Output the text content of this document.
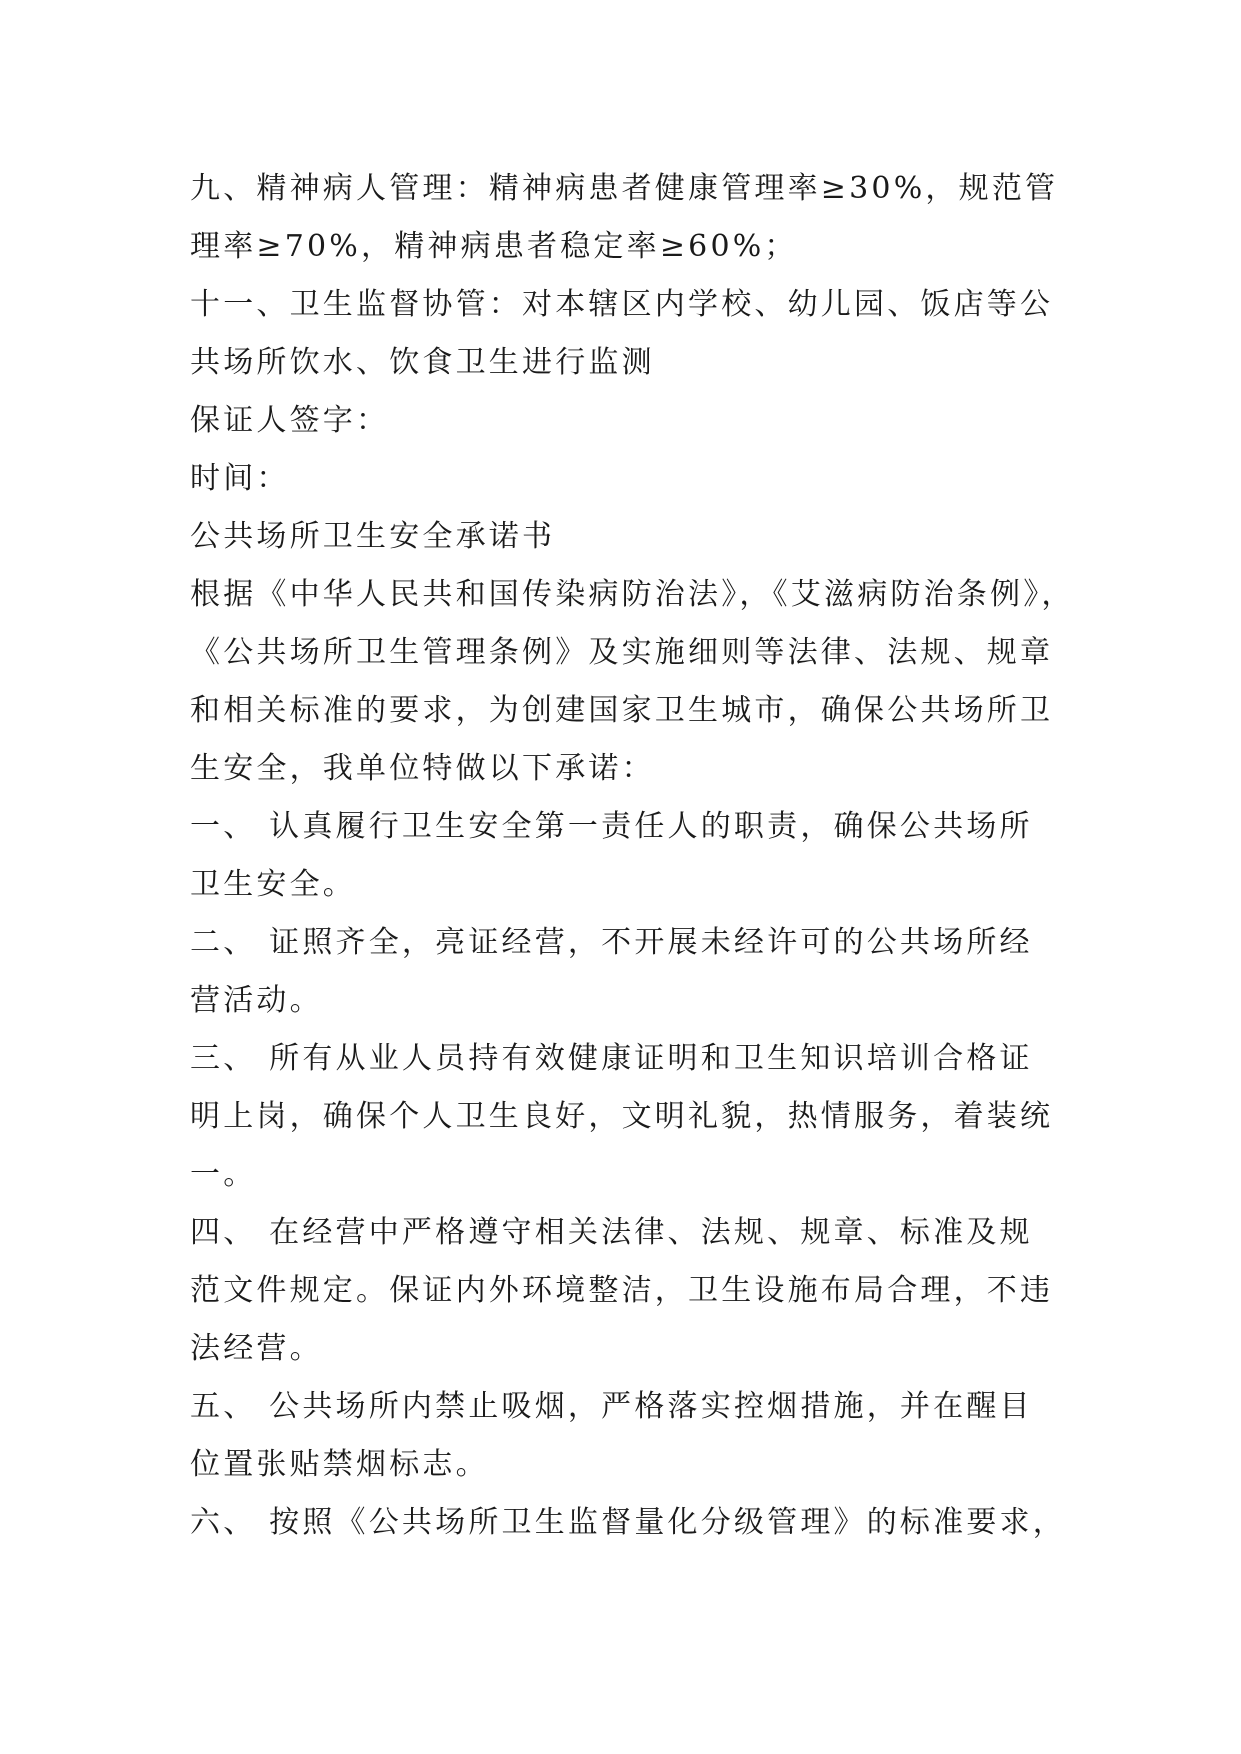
九、精神病人管理：精神病患者健康管理率≥30%，规范管
理率≥70%，精神病患者稳定率≥60%；
十一、卫生监督协管：对本辖区内学校、幼儿园、饭店等公
共场所饮水、饮食卫生进行监测
保证人签字：
时间：
公共场所卫生安全承诺书
根据《中华人民共和国传染病防治法》，《艾滋病防治条例》，
《公共场所卫生管理条例》及实施细则等法律、法规、规章
和相关标准的要求，为创建国家卫生城市，确保公共场所卫
生安全，我单位特做以下承诺：
一、 认真履行卫生安全第一责任人的职责，确保公共场所
卫生安全。
二、 证照齐全，亮证经营，不开展未经许可的公共场所经
营活动。
三、 所有从业人员持有效健康证明和卫生知识培训合格证
明上岗，确保个人卫生良好，文明礼貌，热情服务，着装统
一。
四、 在经营中严格遵守相关法律、法规、规章、标准及规
范文件规定。保证内外环境整洁，卫生设施布局合理，不违
法经营。
五、 公共场所内禁止吸烟，严格落实控烟措施，并在醒目
位置张贴禁烟标志。
六、 按照《公共场所卫生监督量化分级管理》的标准要求，
